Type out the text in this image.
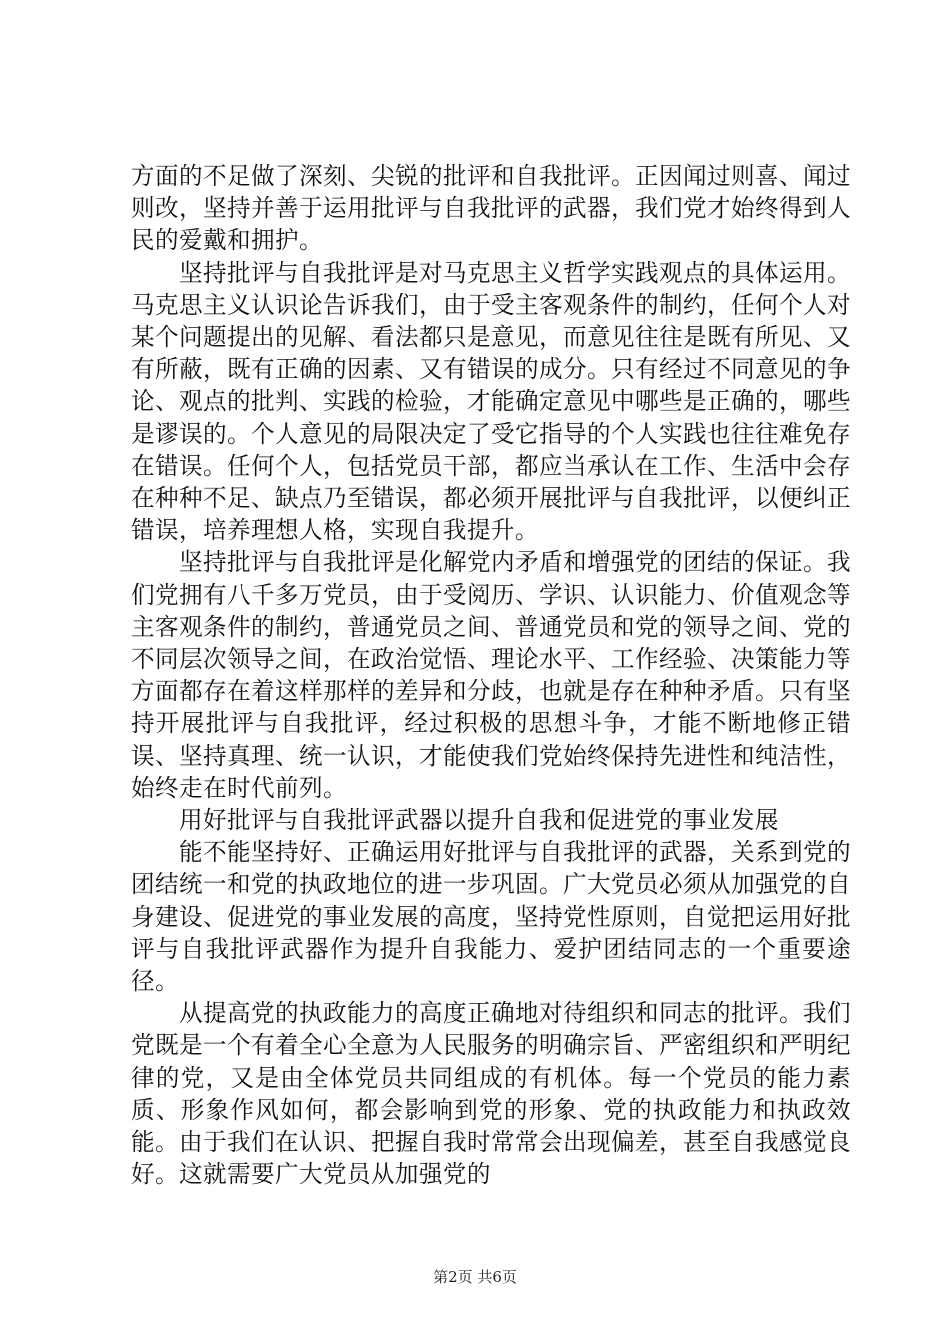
方面的不足做了深刻、尖锐的批评和自我批评。正因闻过则喜、闻过则改，坚持并善于运用批评与自我批评的武器，我们党才始终得到人民的爱戴和拥护。

坚持批评与自我批评是对马克思主义哲学实践观点的具体运用。马克思主义认识论告诉我们，由于受主客观条件的制约，任何个人对某个问题提出的见解、看法都只是意见，而意见往往是既有所见、又有所蔽，既有正确的因素、又有错误的成分。只有经过不同意见的争论、观点的批判、实践的检验，才能确定意见中哪些是正确的，哪些是谬误的。个人意见的局限决定了受它指导的个人实践也往往难免存在错误。任何个人，包括党员干部，都应当承认在工作、生活中会存在种种不足、缺点乃至错误，都必须开展批评与自我批评，以便纠正错误，培养理想人格，实现自我提升。

坚持批评与自我批评是化解党内矛盾和增强党的团结的保证。我们党拥有八千多万党员，由于受阅历、学识、认识能力、价值观念等主客观条件的制约，普通党员之间、普通党员和党的领导之间、党的不同层次领导之间，在政治觉悟、理论水平、工作经验、决策能力等方面都存在着这样那样的差异和分歧，也就是存在种种矛盾。只有坚持开展批评与自我批评，经过积极的思想斗争，才能不断地修正错误、坚持真理、统一认识，才能使我们党始终保持先进性和纯洁性，始终走在时代前列。

用好批评与自我批评武器以提升自我和促进党的事业发展

能不能坚持好、正确运用好批评与自我批评的武器，关系到党的团结统一和党的执政地位的进一步巩固。广大党员必须从加强党的自身建设、促进党的事业发展的高度，坚持党性原则，自觉把运用好批评与自我批评武器作为提升自我能力、爱护团结同志的一个重要途径。

从提高党的执政能力的高度正确地对待组织和同志的批评。我们党既是一个有着全心全意为人民服务的明确宗旨、严密组织和严明纪律的党，又是由全体党员共同组成的有机体。每一个党员的能力素质、形象作风如何，都会影响到党的形象、党的执政能力和执政效能。由于我们在认识、把握自我时常常会出现偏差，甚至自我感觉良好。这就需要广大党员从加强党的

第2页 共6页
